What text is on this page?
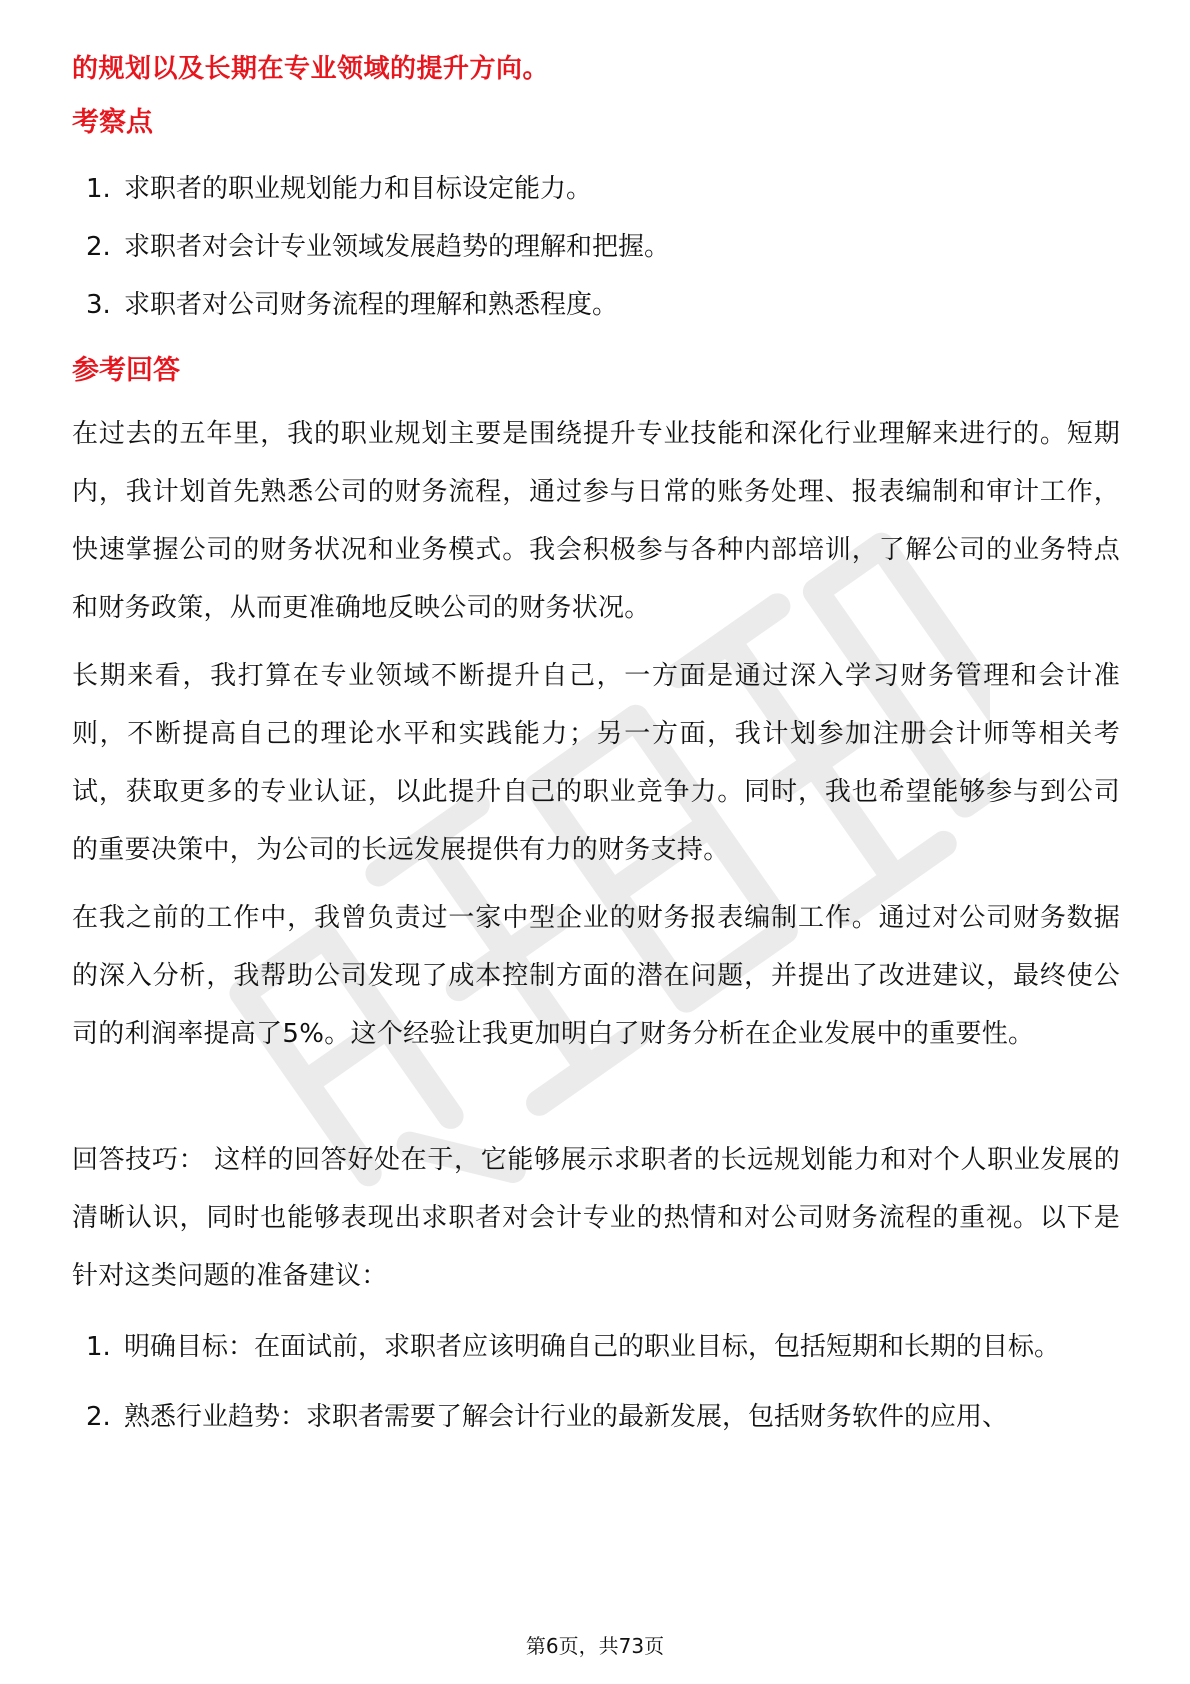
的规划以及长期在专业领域的提升方向。
考察点
1. 求职者的职业规划能力和目标设定能力。
2. 求职者对会计专业领域发展趋势的理解和把握。
3. 求职者对公司财务流程的理解和熟悉程度。
参考回答

在过去的五年里，我的职业规划主要是围绕提升专业技能和深化行业理解来进行的。短期内，我计划首先熟悉公司的财务流程，通过参与日常的账务处理、报表编制和审计工作，快速掌握公司的财务状况和业务模式。我会积极参与各种内部培训，了解公司的业务特点和财务政策，从而更准确地反映公司的财务状况。

长期来看，我打算在专业领域不断提升自己，一方面是通过深入学习财务管理和会计准则，不断提高自己的理论水平和实践能力；另一方面，我计划参加注册会计师等相关考试，获取更多的专业认证，以此提升自己的职业竞争力。同时，我也希望能够参与到公司的重要决策中，为公司的长远发展提供有力的财务支持。

在我之前的工作中，我曾负责过一家中型企业的财务报表编制工作。通过对公司财务数据的深入分析，我帮助公司发现了成本控制方面的潜在问题，并提出了改进建议，最终使公司的利润率提高了5%。这个经验让我更加明白了财务分析在企业发展中的重要性。

回答技巧： 这样的回答好处在于，它能够展示求职者的长远规划能力和对个人职业发展的清晰认识，同时也能够表现出求职者对会计专业的热情和对公司财务流程的重视。以下是针对这类问题的准备建议：

1. 明确目标：在面试前，求职者应该明确自己的职业目标，包括短期和长期的目标。
2. 熟悉行业趋势：求职者需要了解会计行业的最新发展，包括财务软件的应用、
第6页，共73页
